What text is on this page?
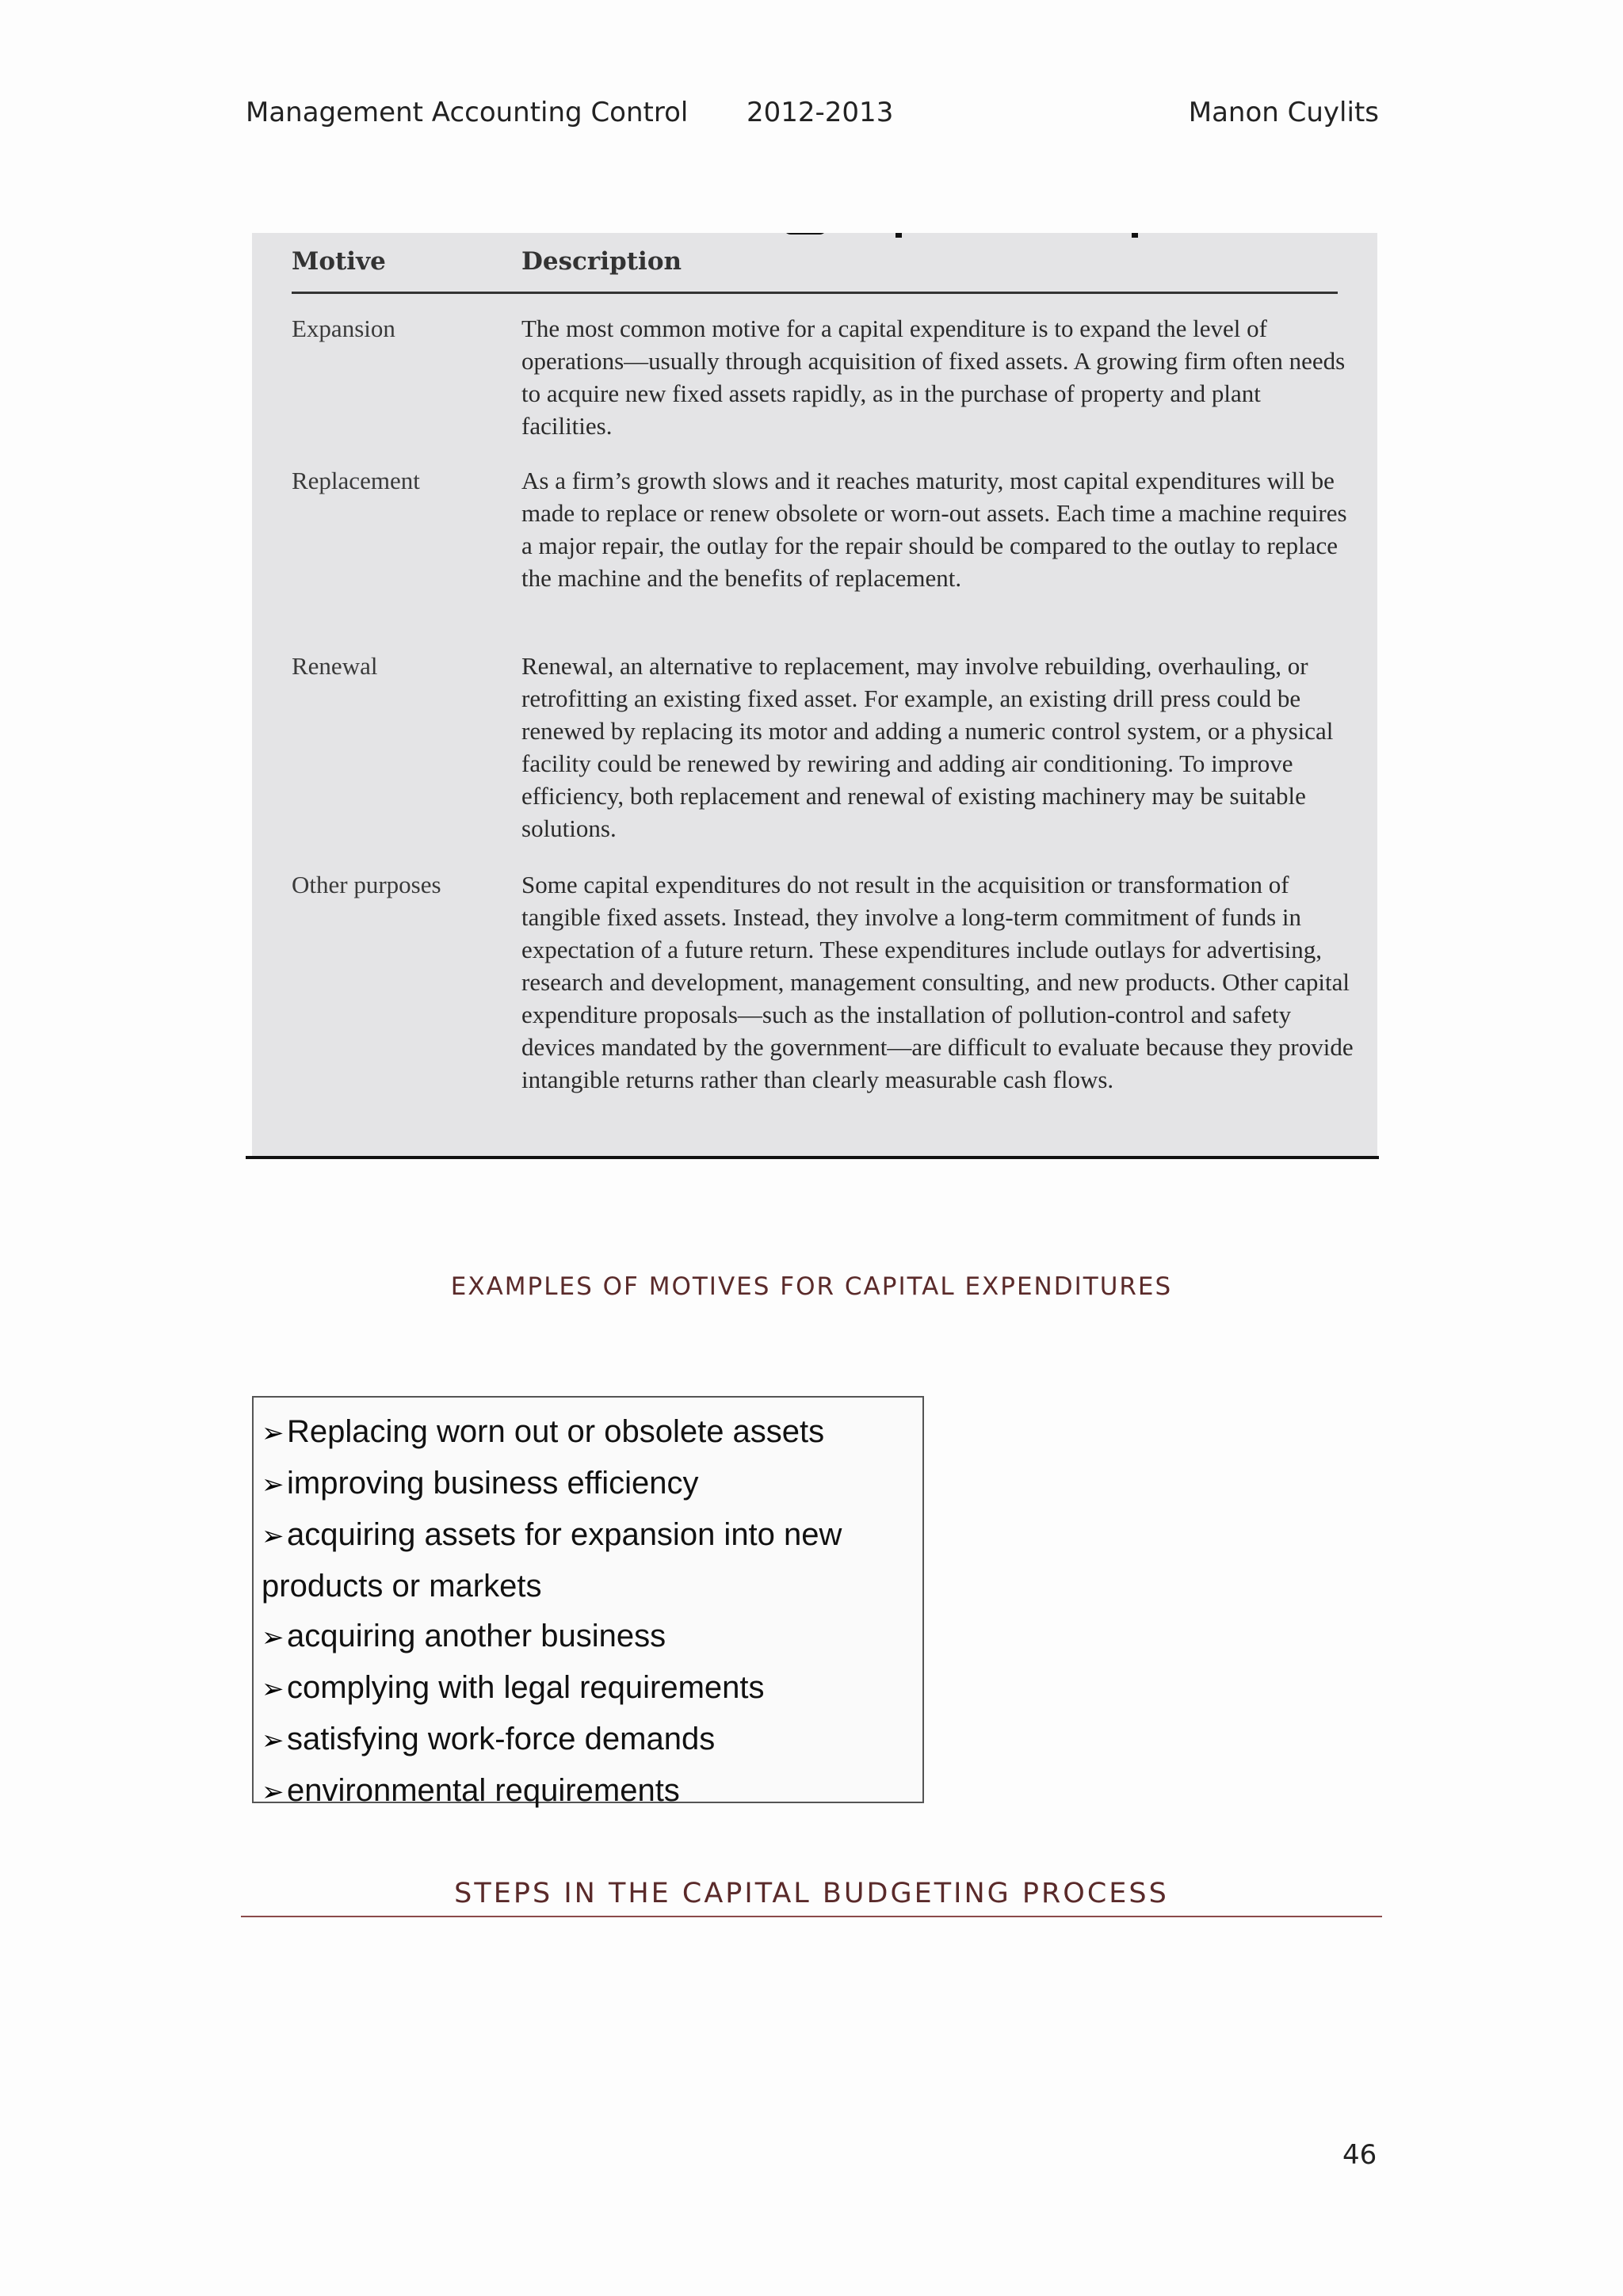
Management Accounting Control 2012-2013	Manon Cuylits
Motive	Description
Expansion	The most common motive for a capital expenditure is to expand the level of operations—usually through acquisition of fixed assets. A growing firm often needs to acquire new fixed assets rapidly, as in the purchase of property and plant facilities.
Replacement	As a firm’s growth slows and it reaches maturity, most capital expenditures will be made to replace or renew obsolete or worn-out assets. Each time a machine requires a major repair, the outlay for the repair should be compared to the outlay to replace the machine and the benefits of replacement.
Renewal	Renewal, an alternative to replacement, may involve rebuilding, overhauling, or retrofitting an existing fixed asset. For example, an existing drill press could be renewed by replacing its motor and adding a numeric control system, or a physical facility could be renewed by rewiring and adding air conditioning. To improve efficiency, both replacement and renewal of existing machinery may be suitable solutions.
Other purposes	Some capital expenditures do not result in the acquisition or transformation of tangible fixed assets. Instead, they involve a long-term commitment of funds in expectation of a future return. These expenditures include outlays for advertising, research and development, management consulting, and new products. Other capital expenditure proposals—such as the installation of pollution-control and safety devices mandated by the government—are difficult to evaluate because they provide intangible returns rather than clearly measurable cash flows.
EXAMPLES OF MOTIVES FOR CAPITAL EXPENDITURES
➢Replacing worn out or obsolete assets
➢improving business efficiency
➢acquiring assets for expansion into new
products or markets
➢acquiring another business
➢complying with legal requirements
➢satisfying work-force demands
➢environmental requirements
STEPS IN THE CAPITAL BUDGETING PROCESS
46
